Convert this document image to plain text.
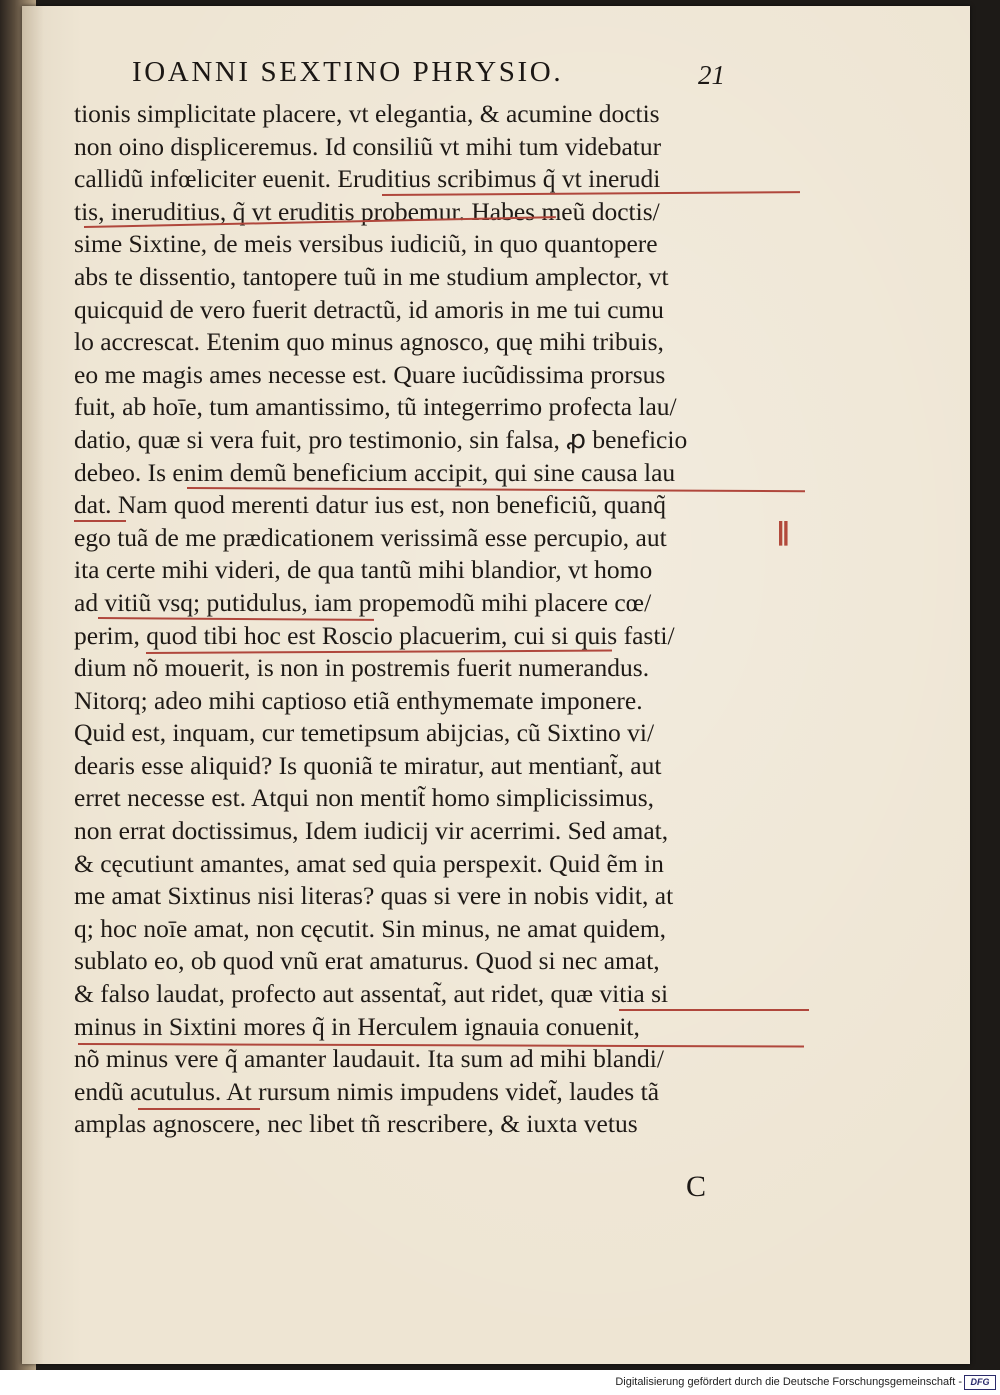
IOANNI SEXTINO PHRYSIO.	21
tionis simplicitate placere, vt elegantia, & acumine doctis
non oino displiceremus. Id consiliũ vt mihi tum videbatur
callidũ infœliciter euenit. Eruditius scribimus q̃ vt inerudi
tis, ineruditius, q̃ vt eruditis probemur. Habes meũ doctis/
sime Sixtine, de meis versibus iudiciũ, in quo quantopere
abs te dissentio, tantopere tuũ in me studium amplector, vt
quicquid de vero fuerit detractũ, id amoris in me tui cumu
lo accrescat. Etenim quo minus agnosco, quę mihi tribuis,
eo me magis ames necesse est. Quare iucũdissima prorsus
fuit, ab hoīe, tum amantissimo, tũ integerrimo profecta lau/
datio, quæ si vera fuit, pro testimonio, sin falsa, ꝓ beneficio
debeo. Is enim demũ beneficium accipit, qui sine causa lau
dat. Nam quod merenti datur ius est, non beneficiũ, quanq̃
ego tuã de me prædicationem verissimã esse percupio, aut
ita certe mihi videri, de qua tantũ mihi blandior, vt homo
ad vitiũ vsq; putidulus, iam propemodũ mihi placere cœ/
perim, quod tibi hoc est Roscio placuerim, cui si quis fasti/
dium nõ mouerit, is non in postremis fuerit numerandus.
Nitorq; adeo mihi captioso etiã enthymemate imponere.
Quid est, inquam, cur temetipsum abijcias, cũ Sixtino vi/
dearis esse aliquid? Is quoniã te miratur, aut mentiant̃, aut
erret necesse est. Atqui non mentit̃ homo simplicissimus,
non errat doctissimus, Idem iudicij vir acerrimi. Sed amat,
& cęcutiunt amantes, amat sed quia perspexit. Quid ẽm in
me amat Sixtinus nisi literas? quas si vere in nobis vidit, at
q; hoc noīe amat, non cęcutit. Sin minus, ne amat quidem,
sublato eo, ob quod vnũ erat amaturus. Quod si nec amat,
& falso laudat, profecto aut assentat̃, aut ridet, quæ vitia si
minus in Sixtini mores q̃ in Herculem ignauia conuenit,
nõ minus vere q̃ amanter laudauit. Ita sum ad mihi blandi/
endũ acutulus. At rursum nimis impudens videt̃, laudes tã
amplas agnoscere, nec libet tñ rescribere, & iuxta vetus
||
C
Digitalisierung gefördert durch die Deutsche Forschungsgemeinschaft - DFG
